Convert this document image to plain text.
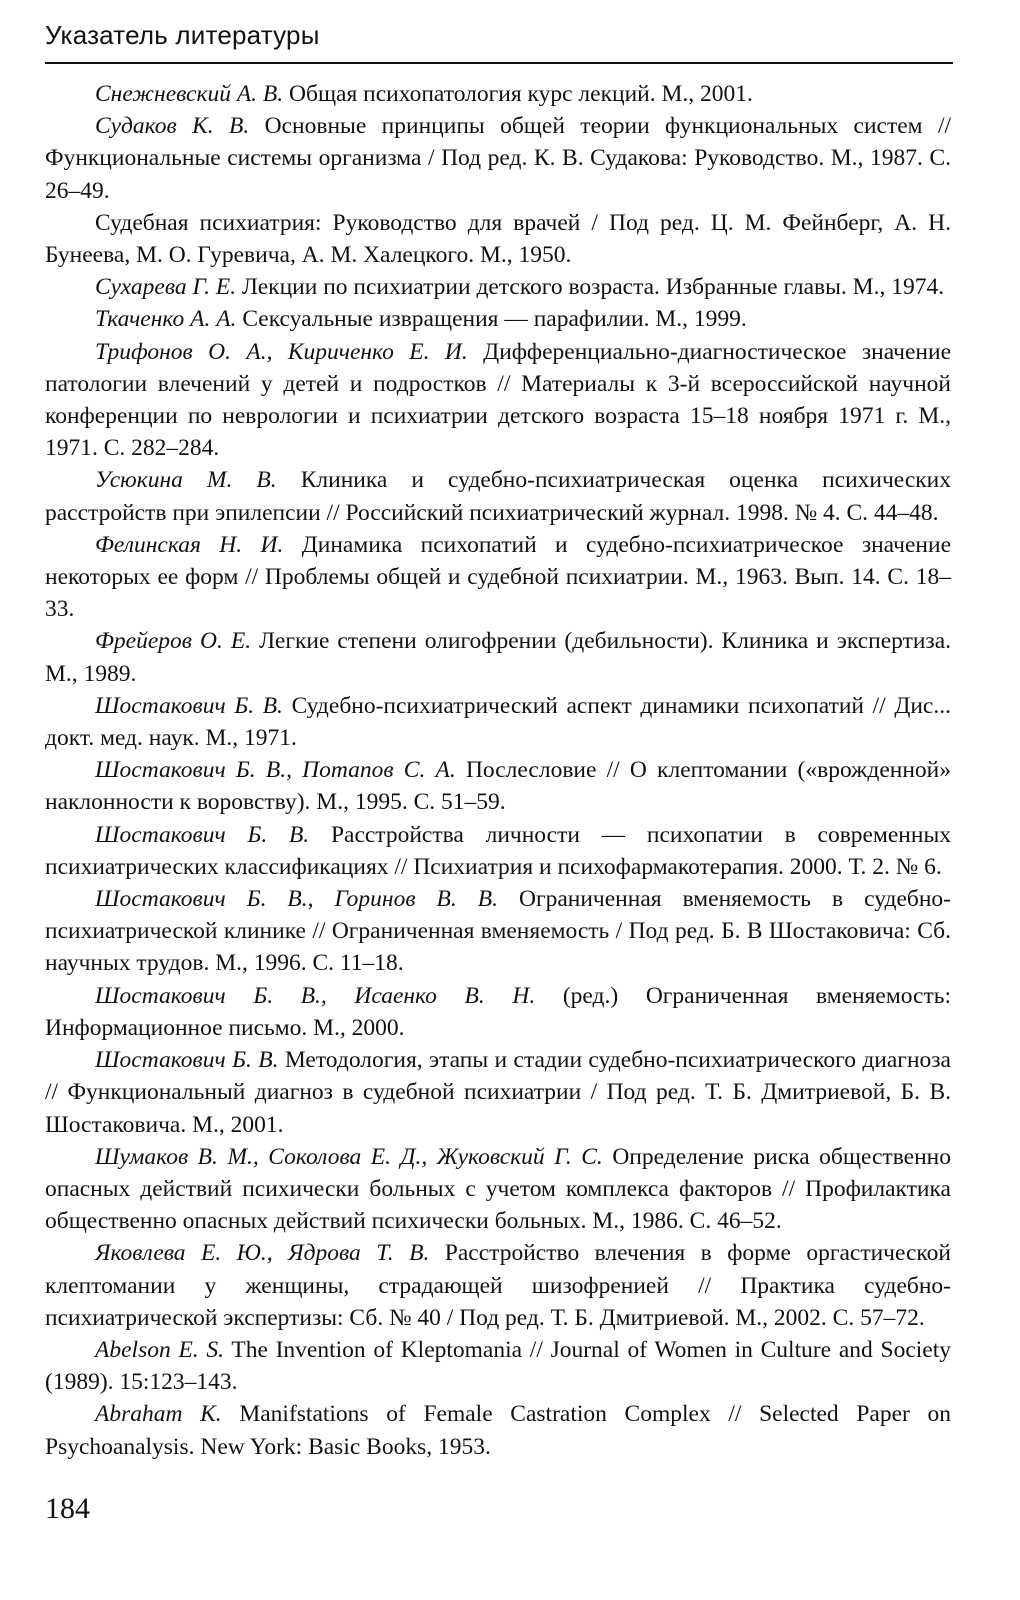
Указатель литературы
Снежневский А. В. Общая психопатология курс лекций. М., 2001.
Судаков К. В. Основные принципы общей теории функциональных систем // Функциональные системы организма / Под ред. К. В. Судакова: Руководство. М., 1987. С. 26–49.
Судебная психиатрия: Руководство для врачей / Под ред. Ц. М. Фейнберг, А. Н. Бунеева, М. О. Гуревича, А. М. Халецкого. М., 1950.
Сухарева Г. Е. Лекции по психиатрии детского возраста. Избранные главы. М., 1974.
Ткаченко А. А. Сексуальные извращения — парафилии. М., 1999.
Трифонов О. А., Кириченко Е. И. Дифференциально-диагностическое значение патологии влечений у детей и подростков // Материалы к 3-й всероссийской научной конференции по неврологии и психиатрии детского возраста 15–18 ноября 1971 г. М., 1971. С. 282–284.
Усюкина М. В. Клиника и судебно-психиатрическая оценка психических расстройств при эпилепсии // Российский психиатрический журнал. 1998. № 4. С. 44–48.
Фелинская Н. И. Динамика психопатий и судебно-психиатрическое значение некоторых ее форм // Проблемы общей и судебной психиатрии. М., 1963. Вып. 14. С. 18–33.
Фрейеров О. Е. Легкие степени олигофрении (дебильности). Клиника и экспертиза. М., 1989.
Шостакович Б. В. Судебно-психиатрический аспект динамики психопатий // Дис... докт. мед. наук. М., 1971.
Шостакович Б. В., Потапов С. А. Послесловие // О клептомании («врожденной» наклонности к воровству). М., 1995. С. 51–59.
Шостакович Б. В. Расстройства личности — психопатии в современных психиатрических классификациях // Психиатрия и психофармакотерапия. 2000. Т. 2. № 6.
Шостакович Б. В., Горинов В. В. Ограниченная вменяемость в судебно-психиатрической клинике // Ограниченная вменяемость / Под ред. Б. В Шостаковича: Сб. научных трудов. М., 1996. С. 11–18.
Шостакович Б. В., Исаенко В. Н. (ред.) Ограниченная вменяемость: Информационное письмо. М., 2000.
Шостакович Б. В. Методология, этапы и стадии судебно-психиатрического диагноза // Функциональный диагноз в судебной психиатрии / Под ред. Т. Б. Дмитриевой, Б. В. Шостаковича. М., 2001.
Шумаков В. М., Соколова Е. Д., Жуковский Г. С. Определение риска общественно опасных действий психически больных с учетом комплекса факторов // Профилактика общественно опасных действий психически больных. М., 1986. С. 46–52.
Яковлева Е. Ю., Ядрова Т. В. Расстройство влечения в форме оргастической клептомании у женщины, страдающей шизофренией // Практика судебно-психиатрической экспертизы: Сб. № 40 / Под ред. Т. Б. Дмитриевой. М., 2002. С. 57–72.
Abelson E. S. The Invention of Kleptomania // Journal of Women in Culture and Society (1989). 15:123–143.
Abraham K. Manifstations of Female Castration Complex // Selected Paper on Psychoanalysis. New York: Basic Books, 1953.
184
